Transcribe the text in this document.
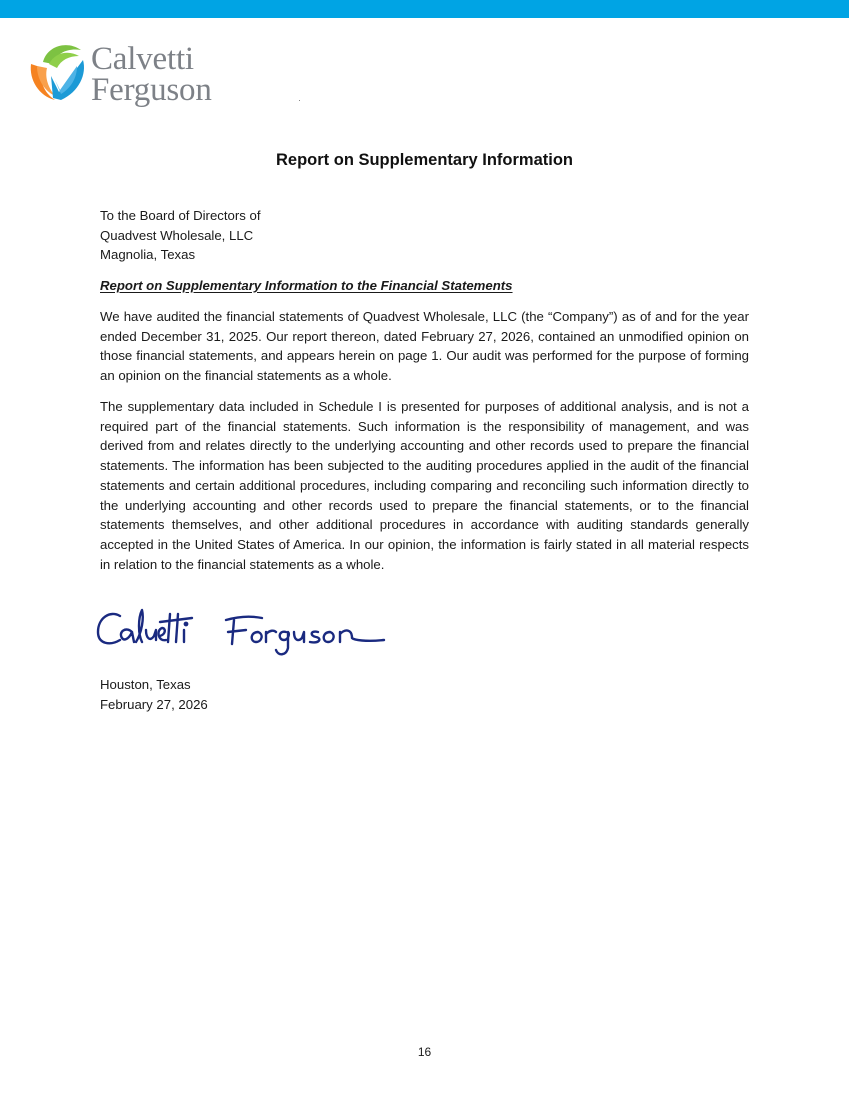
Calvetti
Ferguson
Report on Supplementary Information
To the Board of Directors of
Quadvest Wholesale, LLC
Magnolia, Texas
Report on Supplementary Information to the Financial Statements

We have audited the financial statements of Quadvest Wholesale, LLC (the “Company”) as of and for the year ended December 31, 2025. Our report thereon, dated February 27, 2026, contained an unmodified opinion on those financial statements, and appears herein on page 1. Our audit was performed for the purpose of forming an opinion on the financial statements as a whole.

The supplementary data included in Schedule I is presented for purposes of additional analysis, and is not a required part of the financial statements. Such information is the responsibility of management, and was derived from and relates directly to the underlying accounting and other records used to prepare the financial statements. The information has been subjected to the auditing procedures applied in the audit of the financial statements and certain additional procedures, including comparing and reconciling such information directly to the underlying accounting and other records used to prepare the financial statements, or to the financial statements themselves, and other additional procedures in accordance with auditing standards generally accepted in the United States of America. In our opinion, the information is fairly stated in all material respects in relation to the financial statements as a whole.

Houston, Texas
February 27, 2026
16
